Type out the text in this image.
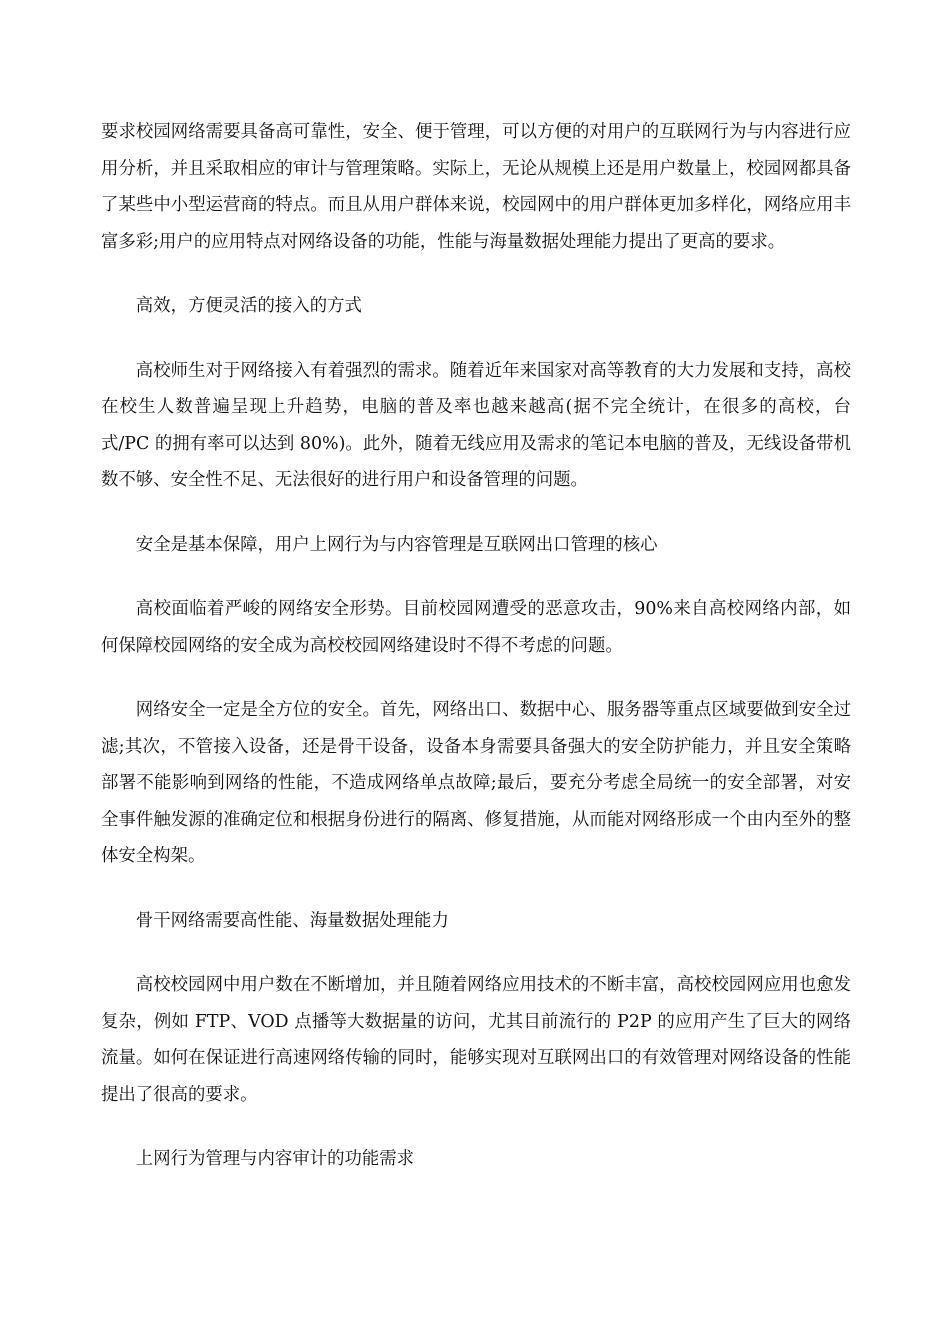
要求校园网络需要具备高可靠性，安全、便于管理，可以方便的对用户的互联网行为与内容进行应用分析，并且采取相应的审计与管理策略。实际上，无论从规模上还是用户数量上，校园网都具备了某些中小型运营商的特点。而且从用户群体来说，校园网中的用户群体更加多样化，网络应用丰富多彩;用户的应用特点对网络设备的功能，性能与海量数据处理能力提出了更高的要求。

高效，方便灵活的接入的方式

高校师生对于网络接入有着强烈的需求。随着近年来国家对高等教育的大力发展和支持，高校在校生人数普遍呈现上升趋势，电脑的普及率也越来越高(据不完全统计，在很多的高校，台式/PC 的拥有率可以达到 80%)。此外，随着无线应用及需求的笔记本电脑的普及，无线设备带机数不够、安全性不足、无法很好的进行用户和设备管理的问题。

安全是基本保障，用户上网行为与内容管理是互联网出口管理的核心

高校面临着严峻的网络安全形势。目前校园网遭受的恶意攻击，90%来自高校网络内部，如何保障校园网络的安全成为高校校园网络建设时不得不考虑的问题。

网络安全一定是全方位的安全。首先，网络出口、数据中心、服务器等重点区域要做到安全过滤;其次，不管接入设备，还是骨干设备，设备本身需要具备强大的安全防护能力，并且安全策略部署不能影响到网络的性能，不造成网络单点故障;最后，要充分考虑全局统一的安全部署，对安全事件触发源的准确定位和根据身份进行的隔离、修复措施，从而能对网络形成一个由内至外的整体安全构架。

骨干网络需要高性能、海量数据处理能力

高校校园网中用户数在不断增加，并且随着网络应用技术的不断丰富，高校校园网应用也愈发复杂，例如 FTP、VOD 点播等大数据量的访问，尤其目前流行的 P2P 的应用产生了巨大的网络流量。如何在保证进行高速网络传输的同时，能够实现对互联网出口的有效管理对网络设备的性能提出了很高的要求。

上网行为管理与内容审计的功能需求
